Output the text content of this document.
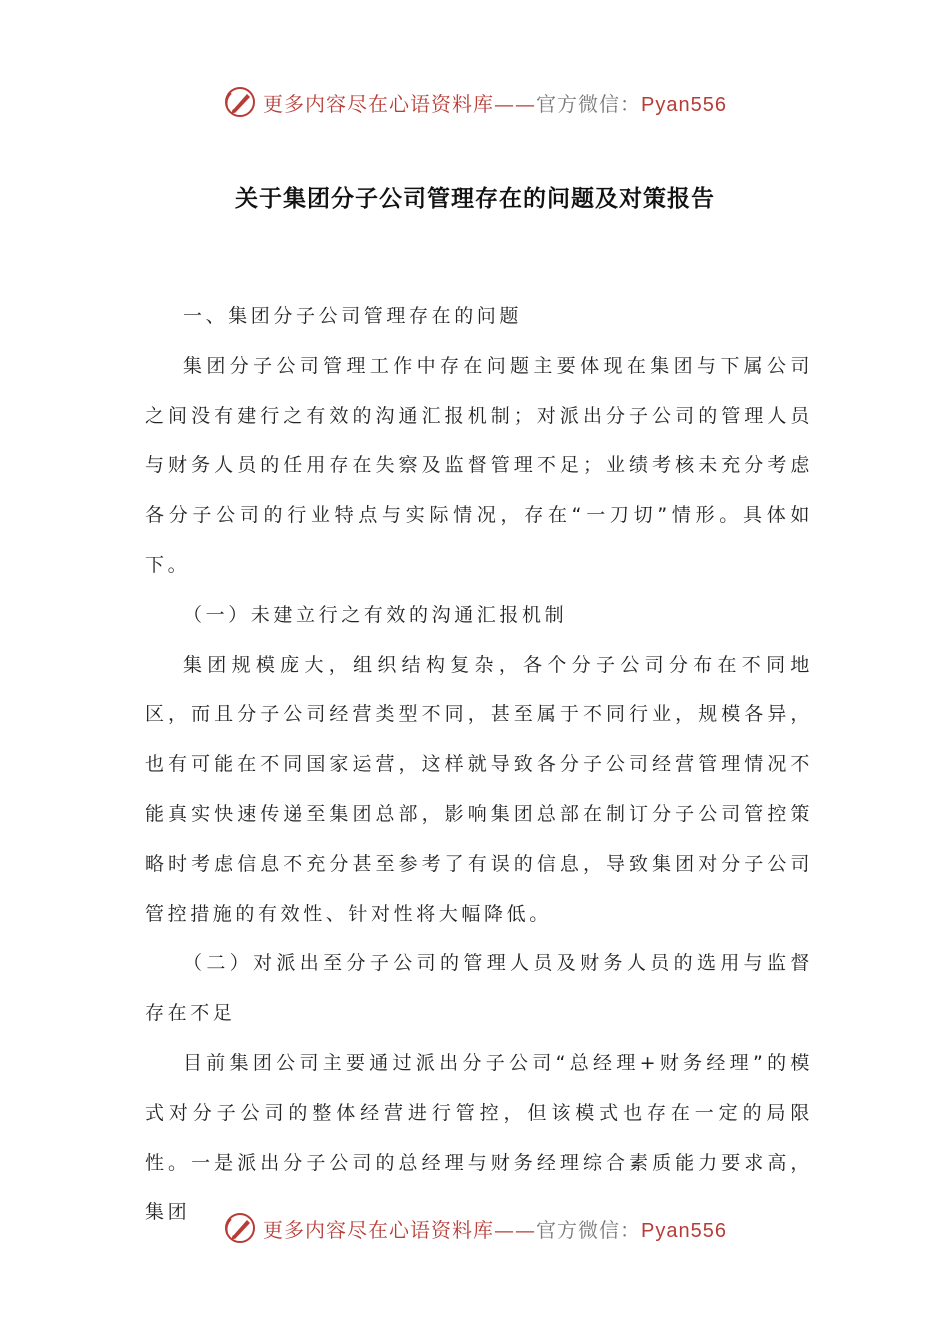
更多内容尽在心语资料库——官方微信：Pyan556
关于集团分子公司管理存在的问题及对策报告

一、集团分子公司管理存在的问题

集团分子公司管理工作中存在问题主要体现在集团与下属公司之间没有建行之有效的沟通汇报机制；对派出分子公司的管理人员与财务人员的任用存在失察及监督管理不足；业绩考核未充分考虑各分子公司的行业特点与实际情况，存在“一刀切”情形。具体如下。

（一）未建立行之有效的沟通汇报机制

集团规模庞大，组织结构复杂，各个分子公司分布在不同地区，而且分子公司经营类型不同，甚至属于不同行业，规模各异，也有可能在不同国家运营，这样就导致各分子公司经营管理情况不能真实快速传递至集团总部，影响集团总部在制订分子公司管控策略时考虑信息不充分甚至参考了有误的信息，导致集团对分子公司管控措施的有效性、针对性将大幅降低。

（二）对派出至分子公司的管理人员及财务人员的选用与监督存在不足

目前集团公司主要通过派出分子公司“总经理+财务经理”的模式对分子公司的整体经营进行管控，但该模式也存在一定的局限性。一是派出分子公司的总经理与财务经理综合素质能力要求高，集团

更多内容尽在心语资料库——官方微信：Pyan556
